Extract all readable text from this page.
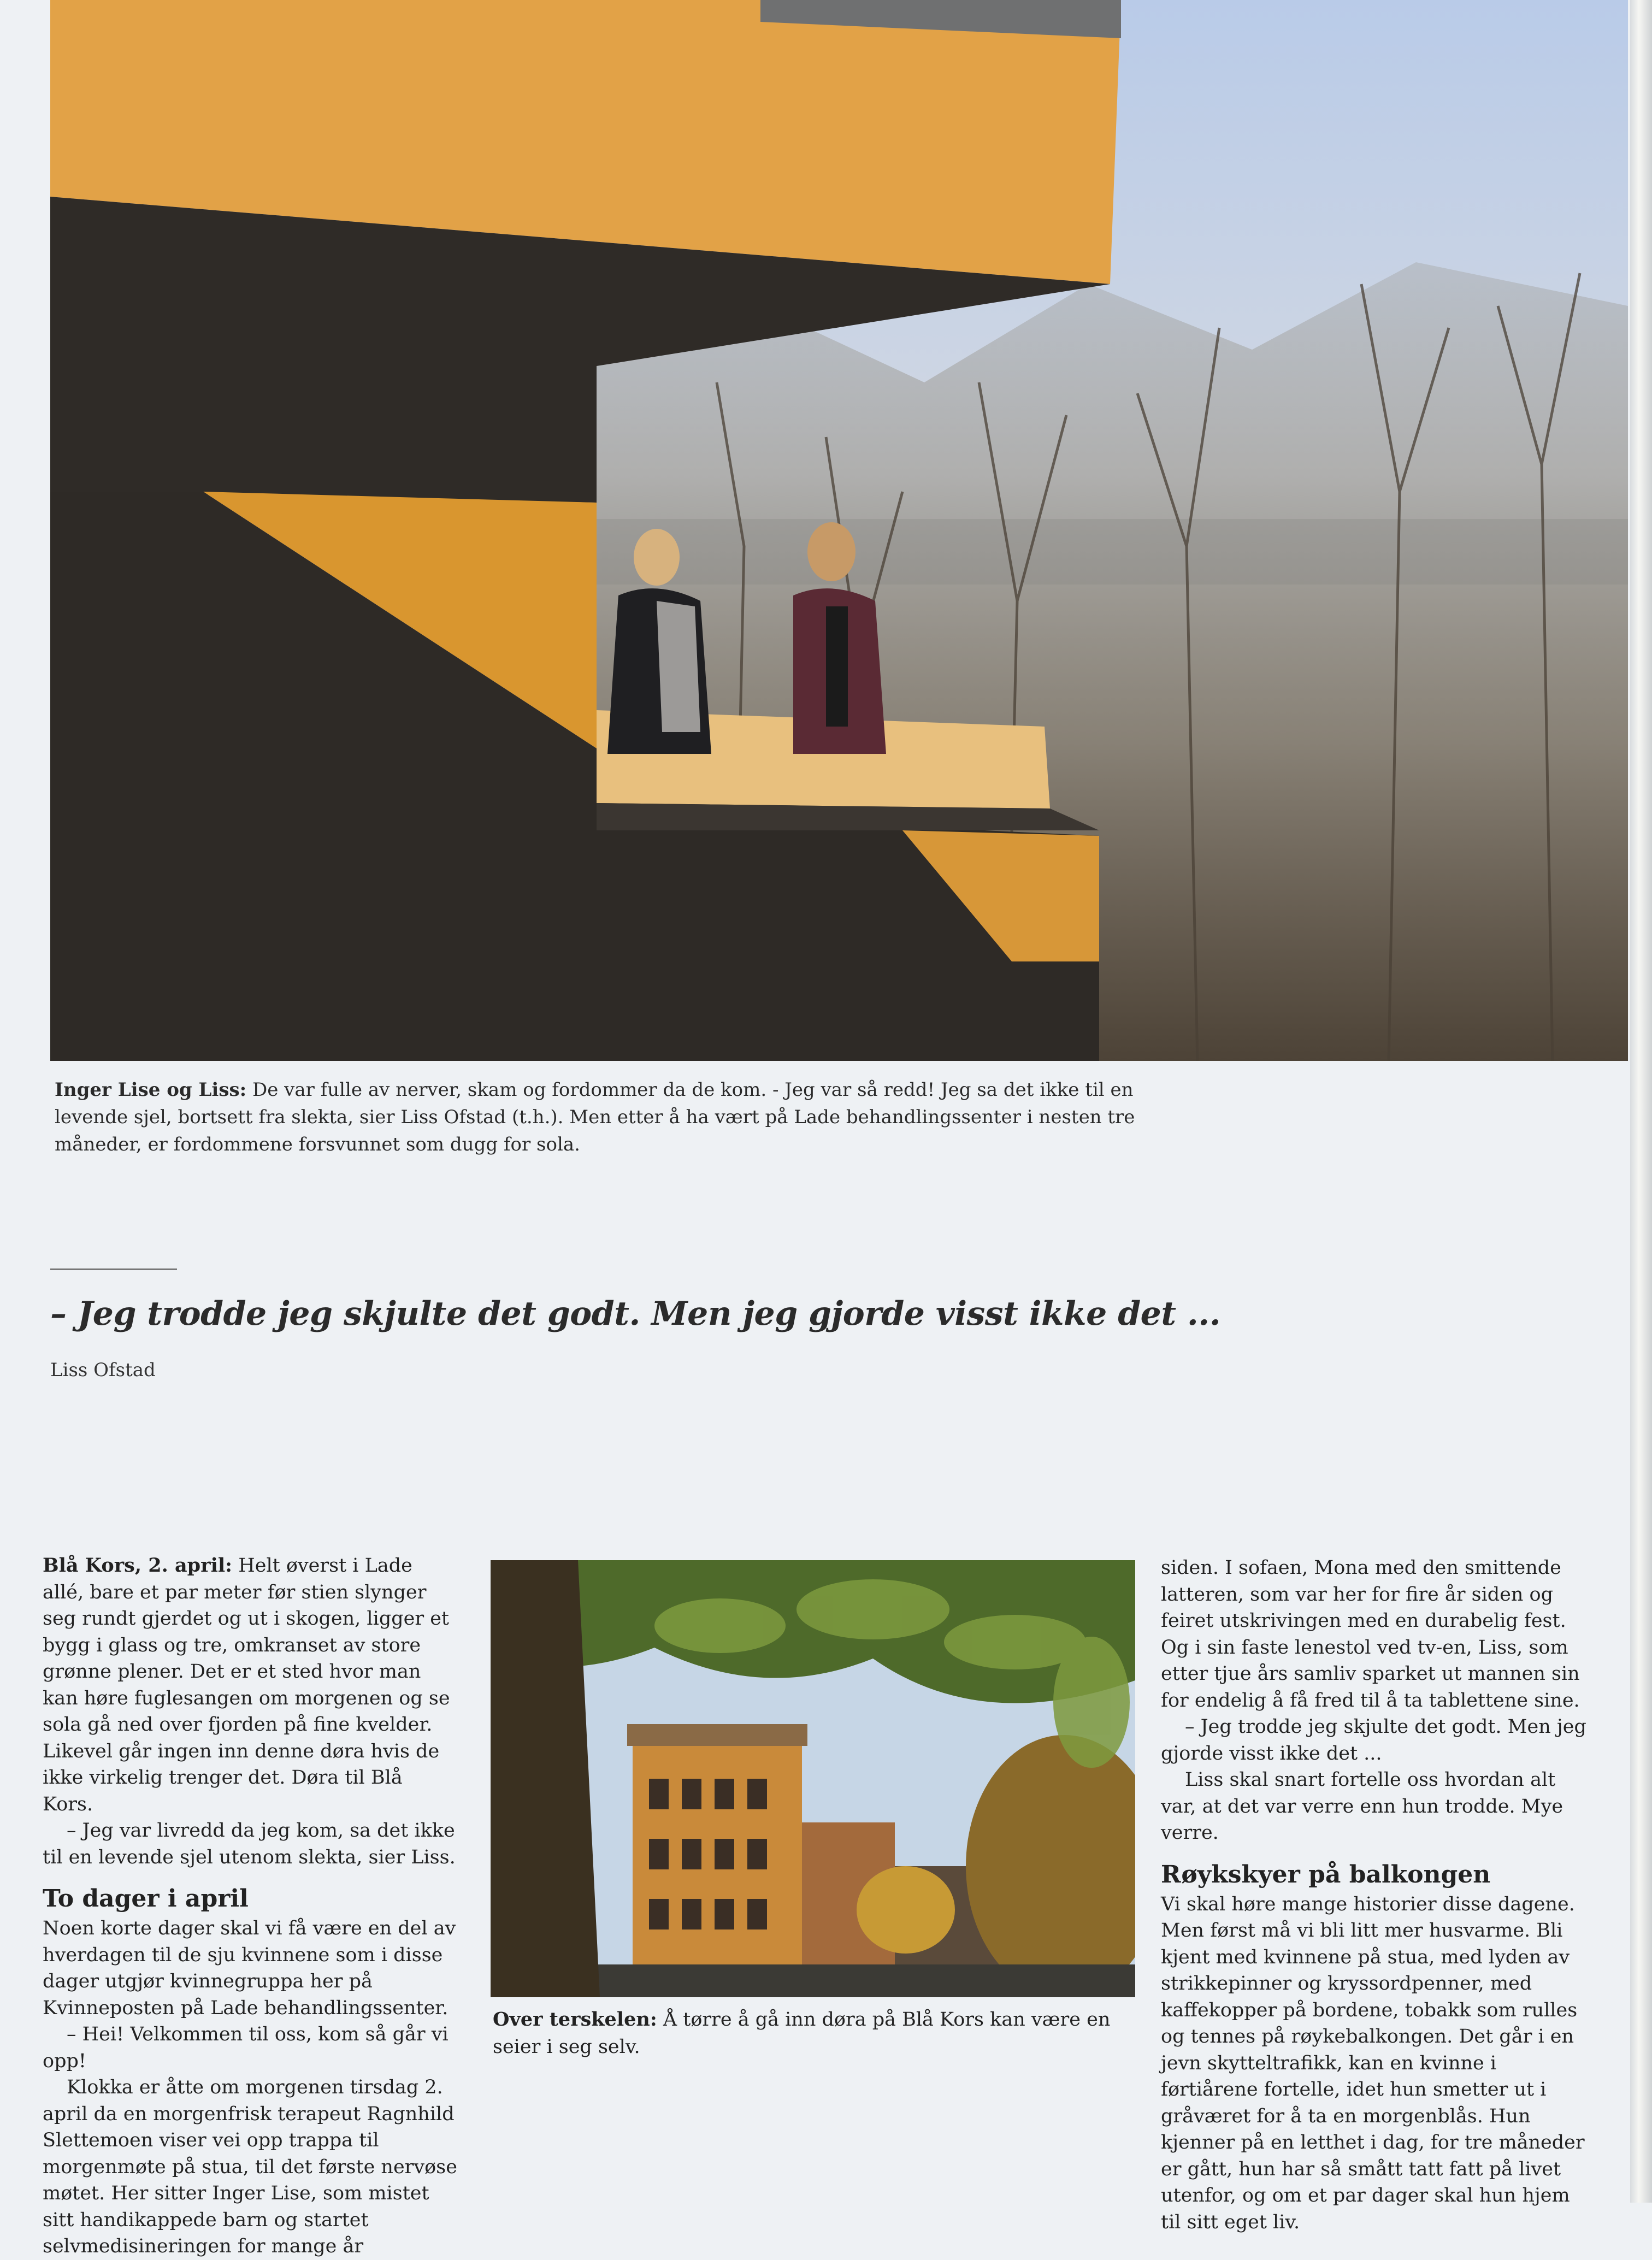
Inger Lise og Liss: De var fulle av nerver, skam og fordommer da de kom. - Jeg var så redd! Jeg sa det ikke til en levende sjel, bortsett fra slekta, sier Liss Ofstad (t.h.). Men etter å ha vært på Lade behandlingssenter i nesten tre måneder, er fordommene forsvunnet som dugg for sola.
– Jeg trodde jeg skjulte det godt. Men jeg gjorde visst ikke det ...
Liss Ofstad

Blå Kors, 2. april: Helt øverst i Lade allé, bare et par meter før stien slynger seg rundt gjerdet og ut i skogen, ligger et bygg i glass og tre, omkranset av store grønne plener. Det er et sted hvor man kan høre fuglesangen om morgenen og se sola gå ned over fjorden på fine kvelder. Likevel går ingen inn denne døra hvis de ikke virkelig trenger det. Døra til Blå Kors.

– Jeg var livredd da jeg kom, sa det ikke til en levende sjel utenom slekta, sier Liss.

To dager i april

Noen korte dager skal vi få være en del av hverdagen til de sju kvinnene som i disse dager utgjør kvinnegruppa her på Kvinneposten på Lade behandlingssenter.

– Hei! Velkommen til oss, kom så går vi opp!

Klokka er åtte om morgenen tirsdag 2. april da en morgenfrisk terapeut Ragnhild Slettemoen viser vei opp trappa til morgenmøte på stua, til det første nervøse møtet. Her sitter Inger Lise, som mistet sitt handikappede barn og startet selvmedisineringen for mange år

Over terskelen: Å tørre å gå inn døra på Blå Kors kan være en seier i seg selv.

siden. I sofaen, Mona med den smittende latteren, som var her for fire år siden og feiret utskrivingen med en durabelig fest. Og i sin faste lenestol ved tv-en, Liss, som etter tjue års samliv sparket ut mannen sin for endelig å få fred til å ta tablettene sine.

– Jeg trodde jeg skjulte det godt. Men jeg gjorde visst ikke det ...

Liss skal snart fortelle oss hvordan alt var, at det var verre enn hun trodde. Mye verre.

Røykskyer på balkongen

Vi skal høre mange historier disse dagene. Men først må vi bli litt mer husvarme. Bli kjent med kvinnene på stua, med lyden av strikkepinner og kryssordpenner, med kaffekopper på bordene, tobakk som rulles og tennes på røykebalkongen. Det går i en jevn skytteltrafikk, kan en kvinne i førtiårene fortelle, idet hun smetter ut i gråværet for å ta en morgenblås. Hun kjenner på en letthet i dag, for tre måneder er gått, hun har så smått tatt fatt på livet utenfor, og om et par dager skal hun hjem til sitt eget liv.
